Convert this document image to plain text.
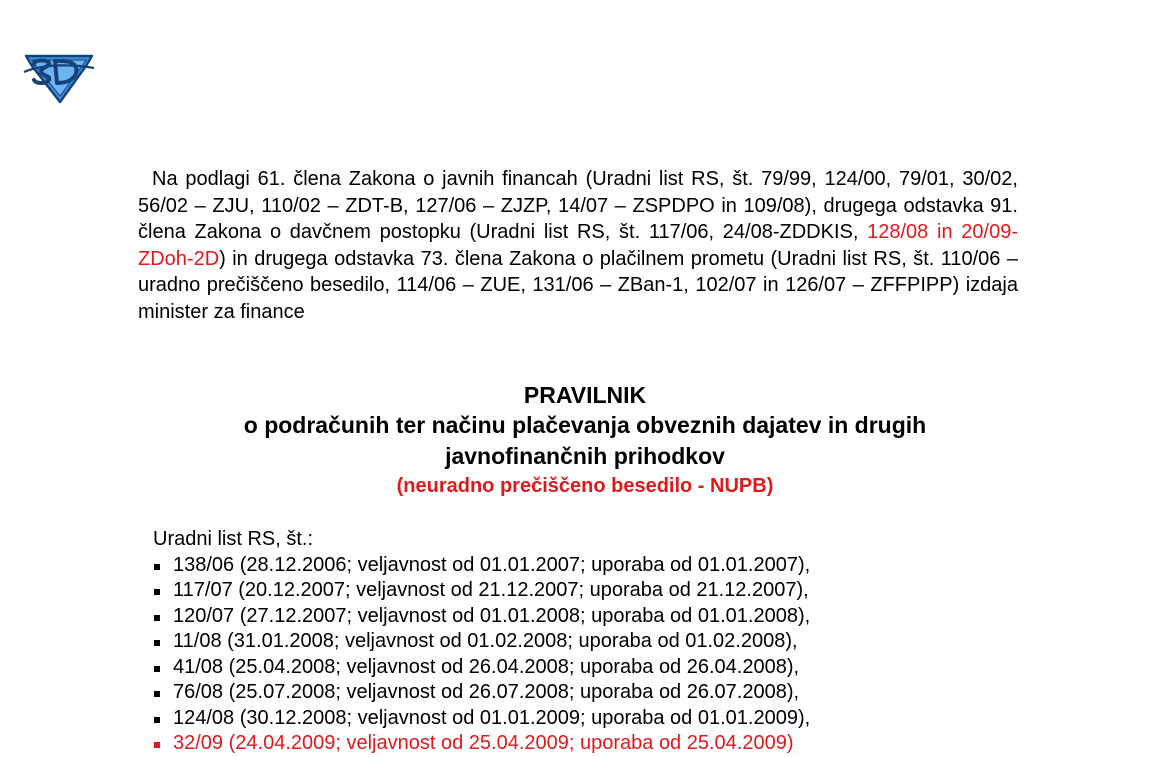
Na podlagi 61. člena Zakona o javnih financah (Uradni list RS, št. 79/99, 124/00, 79/01, 30/02, 56/02 – ZJU, 110/02 – ZDT-B, 127/06 – ZJZP, 14/07 – ZSPDPO in 109/08), drugega odstavka 91. člena Zakona o davčnem postopku (Uradni list RS, št. 117/06, 24/08-ZDDKIS, 128/08 in 20/09-ZDoh-2D) in drugega odstavka 73. člena Zakona o plačilnem prometu (Uradni list RS, št. 110/06 – uradno prečiščeno besedilo, 114/06 – ZUE, 131/06 – ZBan-1, 102/07 in 126/07 – ZFFPIPP) izdaja minister za finance

PRAVILNIK

o podračunih ter načinu plačevanja obveznih dajatev in drugih

javnofinančnih prihodkov

(neuradno prečiščeno besedilo - NUPB)

Uradni list RS, št.:

138/06 (28.12.2006; veljavnost od 01.01.2007; uporaba od 01.01.2007),
117/07 (20.12.2007; veljavnost od 21.12.2007; uporaba od 21.12.2007),
120/07 (27.12.2007; veljavnost od 01.01.2008; uporaba od 01.01.2008),
11/08 (31.01.2008; veljavnost od 01.02.2008; uporaba od 01.02.2008),
41/08 (25.04.2008; veljavnost od 26.04.2008; uporaba od 26.04.2008),
76/08 (25.07.2008; veljavnost od 26.07.2008; uporaba od 26.07.2008),
124/08 (30.12.2008; veljavnost od 01.01.2009; uporaba od 01.01.2009),
32/09 (24.04.2009; veljavnost od 25.04.2009; uporaba od 25.04.2009)
